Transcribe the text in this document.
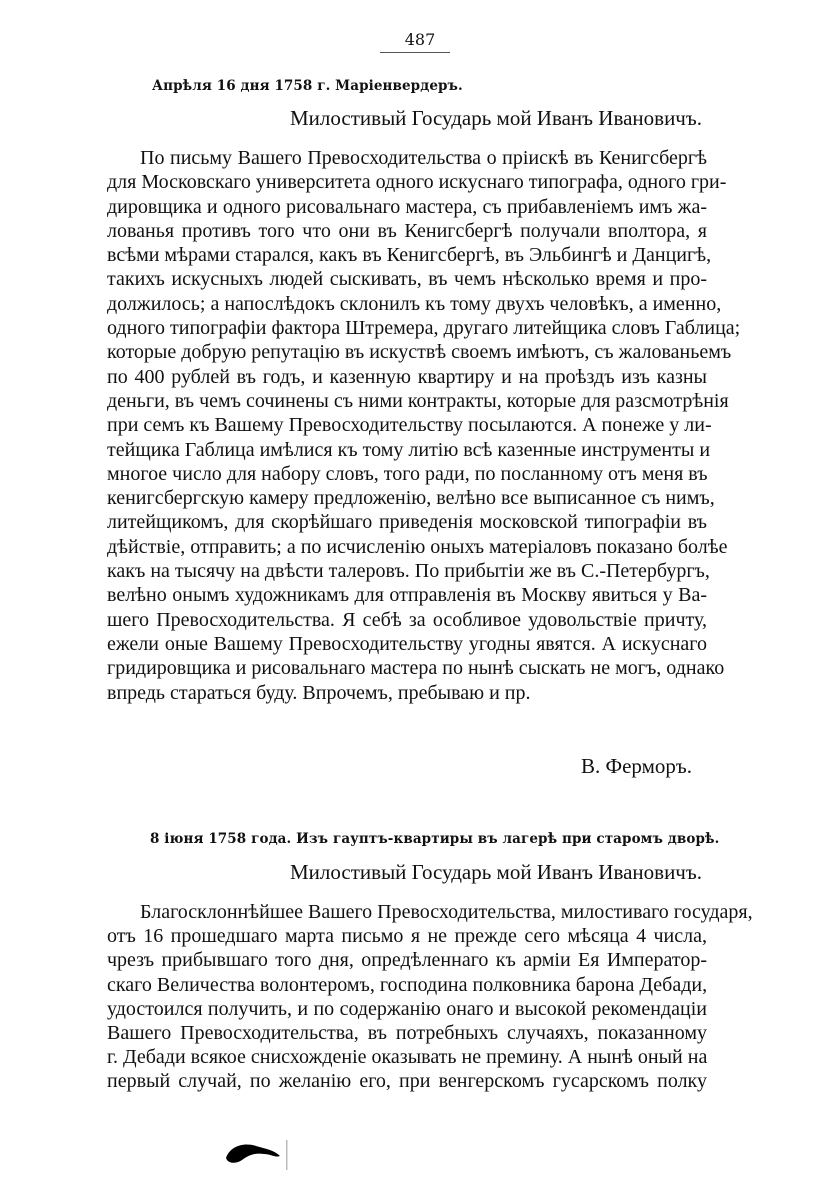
487
Апрѣля 16 дня 1758 г. Маріенвердеръ.
Милостивый Государь мой Иванъ Ивановичъ.
По письму Вашего Превосходительства о прiискѣ въ Кенигсбергѣ
для Московскаго университета одного искуснаго типографа, одного гри-
дировщика и одного рисовальнаго мастера, съ прибавленiемъ имъ жа-
лованья противъ того что они въ Кенигсбергѣ получали вполтора, я
всѣми мѣрами старался, какъ въ Кенигсбергѣ, въ Эльбингѣ и Данцигѣ,
такихъ искусныхъ людей сыскивать, въ чемъ нѣсколько время и про-
должилось; а напослѣдокъ склонилъ къ тому двухъ человѣкъ, а именно,
одного типографiи фактора Штремера, другаго литейщика словъ Габлица;
которые добрую репутацiю въ искуствѣ своемъ имѣютъ, съ жалованьемъ
по 400 рублей въ годъ, и казенную квартиру и на проѣздъ изъ казны
деньги, въ чемъ сочинены съ ними контракты, которые для разсмотрѣнiя
при семъ къ Вашему Превосходительству посылаются. А понеже у ли-
тейщика Габлица имѣлися къ тому литiю всѣ казенные инструменты и
многое число для набору словъ, того ради, по посланному отъ меня въ
кенигсбергскую камеру предложенiю, велѣно все выписанное съ нимъ,
литейщикомъ, для скорѣйшаго приведенiя московской типографiи въ
дѣйствiе, отправить; а по исчисленiю оныхъ матерiаловъ показано болѣе
какъ на тысячу на двѣсти талеровъ. По прибытiи же въ С.-Петербургъ,
велѣно онымъ художникамъ для отправленiя въ Москву явиться у Ва-
шего Превосходительства. Я себѣ за особливое удовольствiе причту,
ежели оные Вашему Превосходительству угодны явятся. А искуснаго
гридировщика и рисовальнаго мастера по нынѣ сыскать не могъ, однако
впредь стараться буду. Впрочемъ, пребываю и пр.
В. Ферморъ.
8 iюня 1758 года. Изъ гауптъ-квартиры въ лагерѣ при старомъ дворѣ.
Милостивый Государь мой Иванъ Ивановичъ.
Благосклоннѣйшее Вашего Превосходительства, милостиваго государя,
отъ 16 прошедшаго марта письмо я не прежде сего мѣсяца 4 числа,
чрезъ прибывшаго того дня, опредѣленнаго къ армiи Ея Император-
скаго Величества волонтеромъ, господина полковника барона Дебади,
удостоился получить, и по содержанiю онаго и высокой рекомендацiи
Вашего Превосходительства, въ потребныхъ случаяхъ, показанному
г. Дебади всякое снисхожденiе оказывать не премину. А нынѣ оный на
первый случай, по желанiю его, при венгерскомъ гусарскомъ полку
